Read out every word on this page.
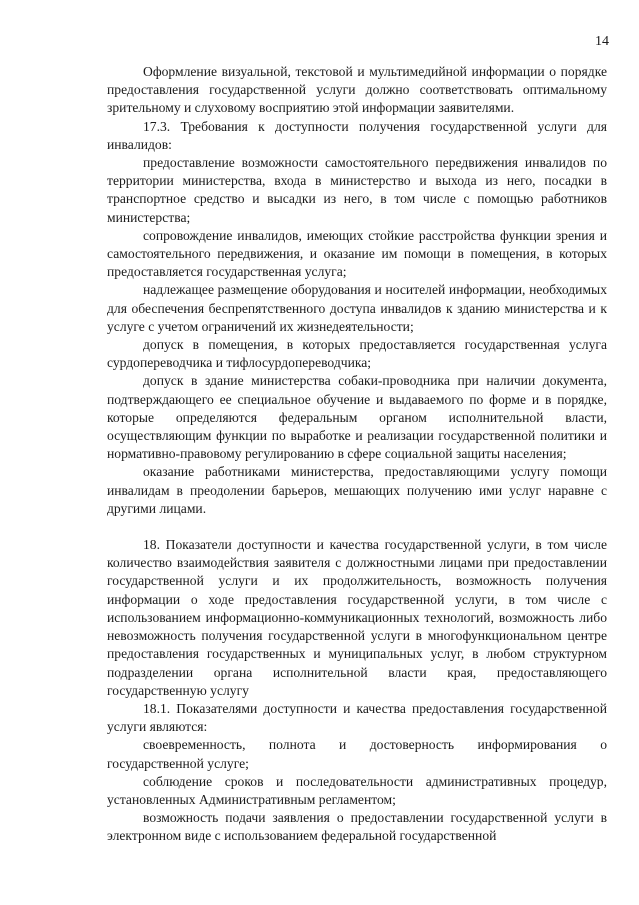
14

Оформление визуальной, текстовой и мультимедийной информации о порядке предоставления государственной услуги должно соответствовать оптимальному зрительному и слуховому восприятию этой информации заявителями.

17.3. Требования к доступности получения государственной услуги для инвалидов:

предоставление возможности самостоятельного передвижения инвалидов по территории министерства, входа в министерство и выхода из него, посадки в транспортное средство и высадки из него, в том числе с помощью работников министерства;

сопровождение инвалидов, имеющих стойкие расстройства функции зрения и самостоятельного передвижения, и оказание им помощи в помещения, в которых предоставляется государственная услуга;

надлежащее размещение оборудования и носителей информации, необходимых для обеспечения беспрепятственного доступа инвалидов к зданию министерства и к услуге с учетом ограничений их жизнедеятельности;

допуск в помещения, в которых предоставляется государственная услуга сурдопереводчика и тифлосурдопереводчика;

допуск в здание министерства собаки-проводника при наличии документа, подтверждающего ее специальное обучение и выдаваемого по форме и в порядке, которые определяются федеральным органом исполнительной власти, осуществляющим функции по выработке и реализации государственной политики и нормативно-правовому регулированию в сфере социальной защиты населения;

оказание работниками министерства, предоставляющими услугу помощи инвалидам в преодолении барьеров, мешающих получению ими услуг наравне с другими лицами.

18. Показатели доступности и качества государственной услуги, в том числе количество взаимодействия заявителя с должностными лицами при предоставлении государственной услуги и их продолжительность, возможность получения информации о ходе предоставления государственной услуги, в том числе с использованием информационно-коммуникационных технологий, возможность либо невозможность получения государственной услуги в многофункциональном центре предоставления государственных и муниципальных услуг, в любом структурном подразделении органа исполнительной власти края, предоставляющего государственную услугу

18.1. Показателями доступности и качества предоставления государственной услуги являются:

своевременность, полнота и достоверность информирования о государственной услуге;

соблюдение сроков и последовательности административных процедур, установленных Административным регламентом;

возможность подачи заявления о предоставлении государственной услуги в электронном виде с использованием федеральной государственной
